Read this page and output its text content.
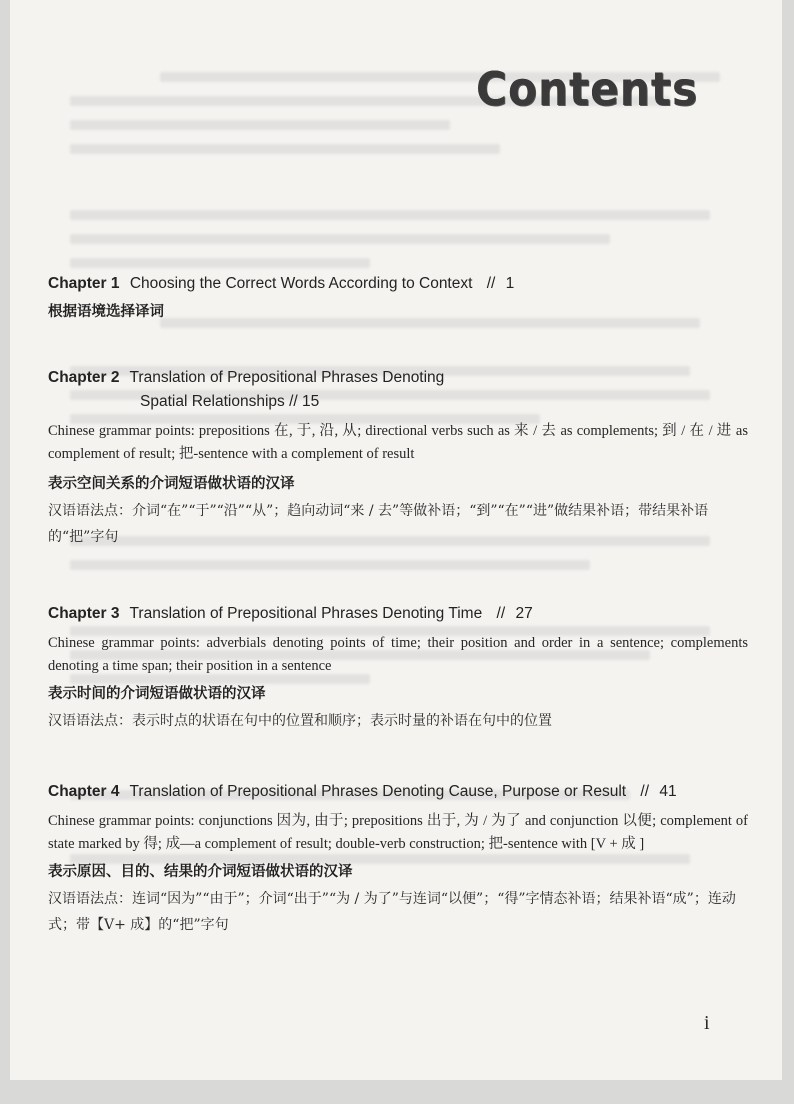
Contents
Chapter 1 Choosing the Correct Words According to Context // 1
根据语境选择译词
Chapter 2 Translation of Prepositional Phrases Denoting
Spatial Relationships // 15
Chinese grammar points: prepositions 在, 于, 沿, 从; directional verbs such as 来 / 去 as complements; 到 / 在 / 进 as complement of result; 把-sentence with a complement of result
表示空间关系的介词短语做状语的汉译
汉语语法点：介词“在”“于”“沿”“从”；趋向动词“来 / 去”等做补语；“到”“在”“进”做结果补语；带结果补语的“把”字句
Chapter 3 Translation of Prepositional Phrases Denoting Time // 27
Chinese grammar points: adverbials denoting points of time; their position and order in a sentence; complements denoting a time span; their position in a sentence
表示时间的介词短语做状语的汉译
汉语语法点：表示时点的状语在句中的位置和顺序；表示时量的补语在句中的位置
Chapter 4 Translation of Prepositional Phrases Denoting Cause, Purpose or Result // 41
Chinese grammar points: conjunctions 因为, 由于; prepositions 出于, 为 / 为了 and conjunction 以便; complement of state marked by 得; 成—a complement of result; double-verb construction; 把-sentence with [V + 成 ]
表示原因、目的、结果的介词短语做状语的汉译
汉语语法点：连词“因为”“由于”；介词“出于”“为 / 为了”与连词“以便”；“得”字情态补语；结果补语“成”；连动式；带【V+ 成】的“把”字句
i
